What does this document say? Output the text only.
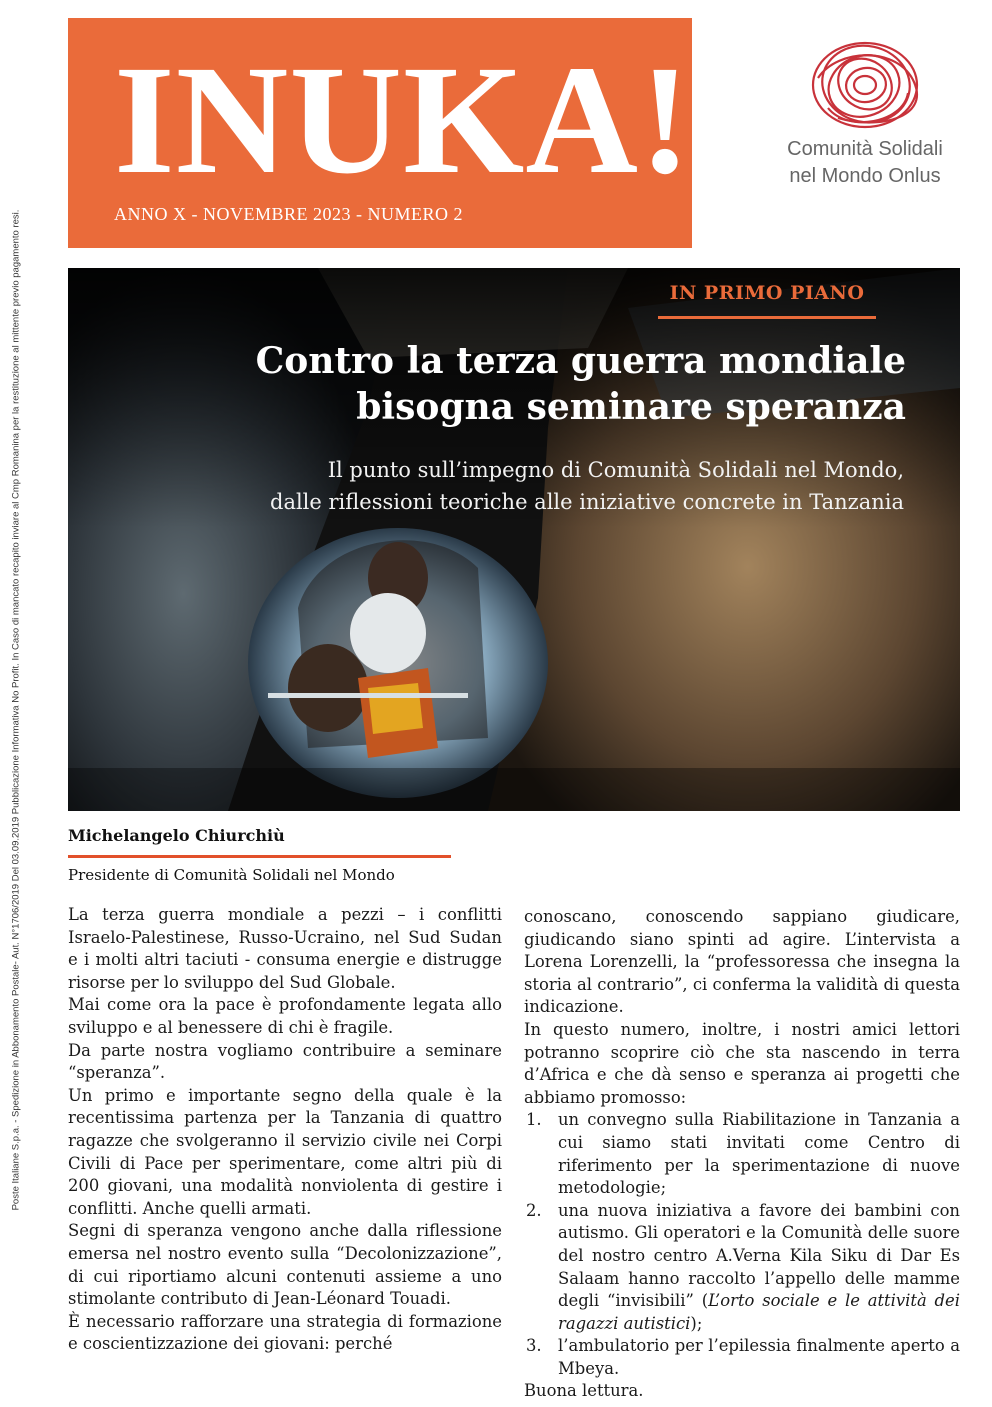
Poste Italiane S.p.a. - Spedizione in Abbonamento Postale- Aut. N°1706/2019 Del 03.09.2019 Pubblicazione Informativa No Profit. In Caso di mancato recapito inviare al Cmp Romanina per la restituzione al mittente previo pagamento resi.
INUKA!
ANNO X - NOVEMBRE 2023 - NUMERO 2
Comunità Solidali
nel Mondo Onlus
IN PRIMO PIANO
Contro la terza guerra mondiale
bisogna seminare speranza

Il punto sull’impegno di Comunità Solidali nel Mondo,
dalle riflessioni teoriche alle iniziative concrete in Tanzania

Michelangelo Chiurchiù
Presidente di Comunità Solidali nel Mondo

La terza guerra mondiale a pezzi – i conflitti Israelo-Palestinese, Russo-Ucraino, nel Sud Sudan e i molti altri taciuti - consuma energie e distrugge risorse per lo sviluppo del Sud Globale.

Mai come ora la pace è profondamente legata allo sviluppo e al benessere di chi è fragile.

Da parte nostra vogliamo contribuire a seminare “speranza”.

Un primo e importante segno della quale è la recentissima partenza per la Tanzania di quattro ragazze che svolgeranno il servizio civile nei Corpi Civili di Pace per sperimentare, come altri più di 200 giovani, una modalità nonviolenta di gestire i conflitti. Anche quelli armati.

Segni di speranza vengono anche dalla riflessione emersa nel nostro evento sulla “Decolonizzazione”, di cui riportiamo alcuni contenuti assieme a uno stimolante contributo di Jean-Léonard Touadi.

È necessario rafforzare una strategia di formazione e coscientizzazione dei giovani: perché

conoscano, conoscendo sappiano giudicare, giudicando siano spinti ad agire. L’intervista a Lorena Lorenzelli, la “professoressa che insegna la storia al contrario”, ci conferma la validità di questa indicazione.

In questo numero, inoltre, i nostri amici lettori potranno scoprire ciò che sta nascendo in terra d’Africa e che dà senso e speranza ai progetti che abbiamo promosso:

1. un convegno sulla Riabilitazione in Tanzania a cui siamo stati invitati come Centro di riferimento per la sperimentazione di nuove metodologie;
2. una nuova iniziativa a favore dei bambini con autismo. Gli operatori e la Comunità delle suore del nostro centro A.Verna Kila Siku di Dar Es Salaam hanno raccolto l’appello delle mamme degli “invisibili” (L’orto sociale e le attività dei ragazzi autistici);
3. l’ambulatorio per l’epilessia finalmente aperto a Mbeya.

Buona lettura.
